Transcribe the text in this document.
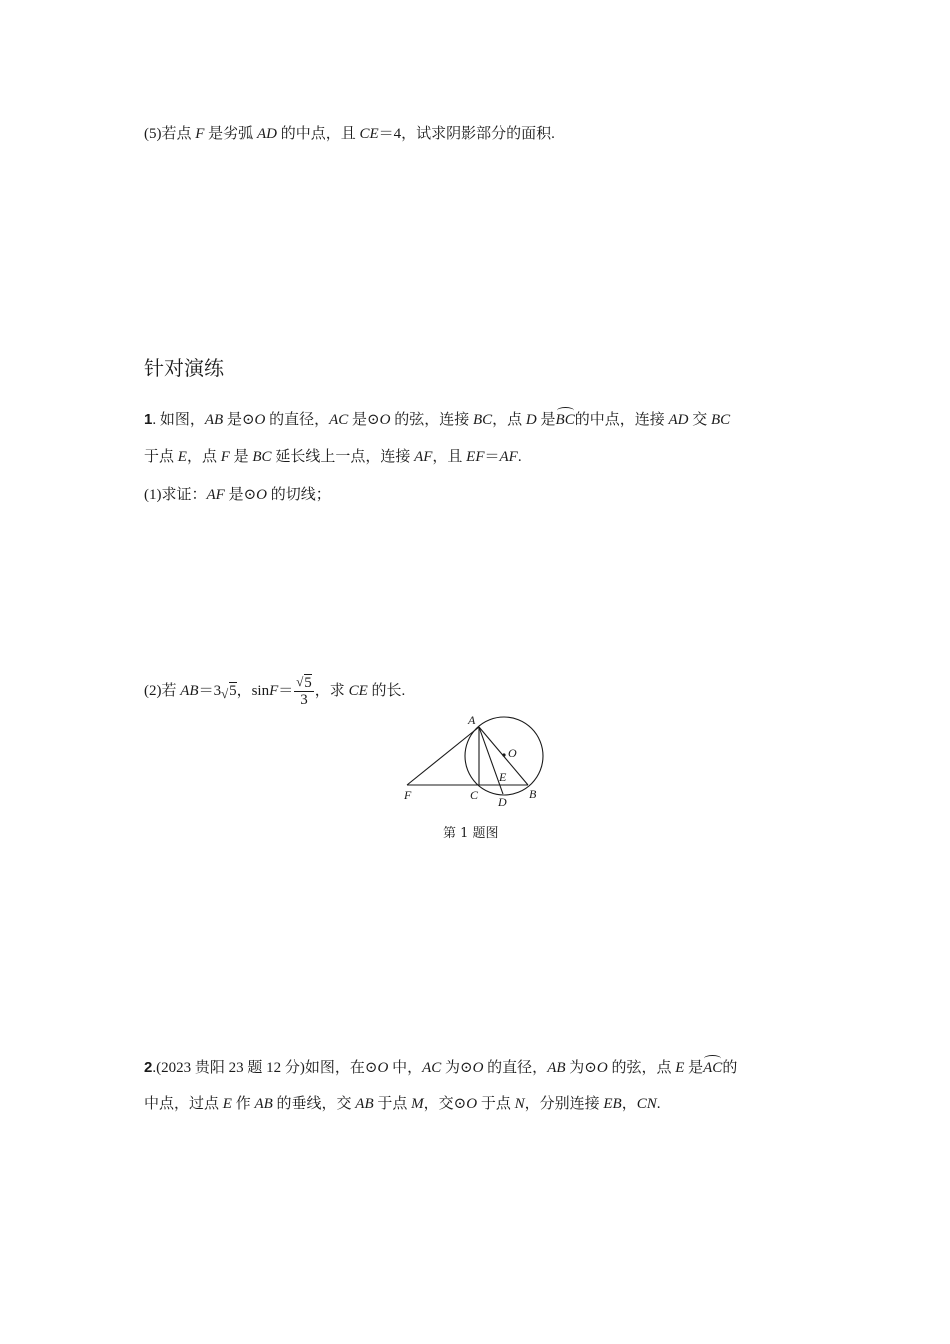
(5)若点 F 是劣弧 AD 的中点，且 CE＝4，试求阴影部分的面积.
针对演练
1. 如图，AB 是⊙O 的直径，AC 是⊙O 的弦，连接 BC，点 D 是BC的中点，连接 AD 交 BC
于点 E，点 F 是 BC 延长线上一点，连接 AF，且 EF＝AF.
(1)求证：AF 是⊙O 的切线；
(2)若 AB＝3 √ 5，sinF＝ √ $\frac{5}{3}$ ，求 CE 的长.
A
O
E
F	C D
B
第 1 题图
2.(2023 贵阳 23 题 12 分)如图，在⊙O 中，AC 为⊙O 的直径，AB 为⊙O 的弦，点 E 是AC的
中点，过点 E 作 AB 的垂线，交 AB 于点 M，交⊙O 于点 N，分别连接 EB，CN.
